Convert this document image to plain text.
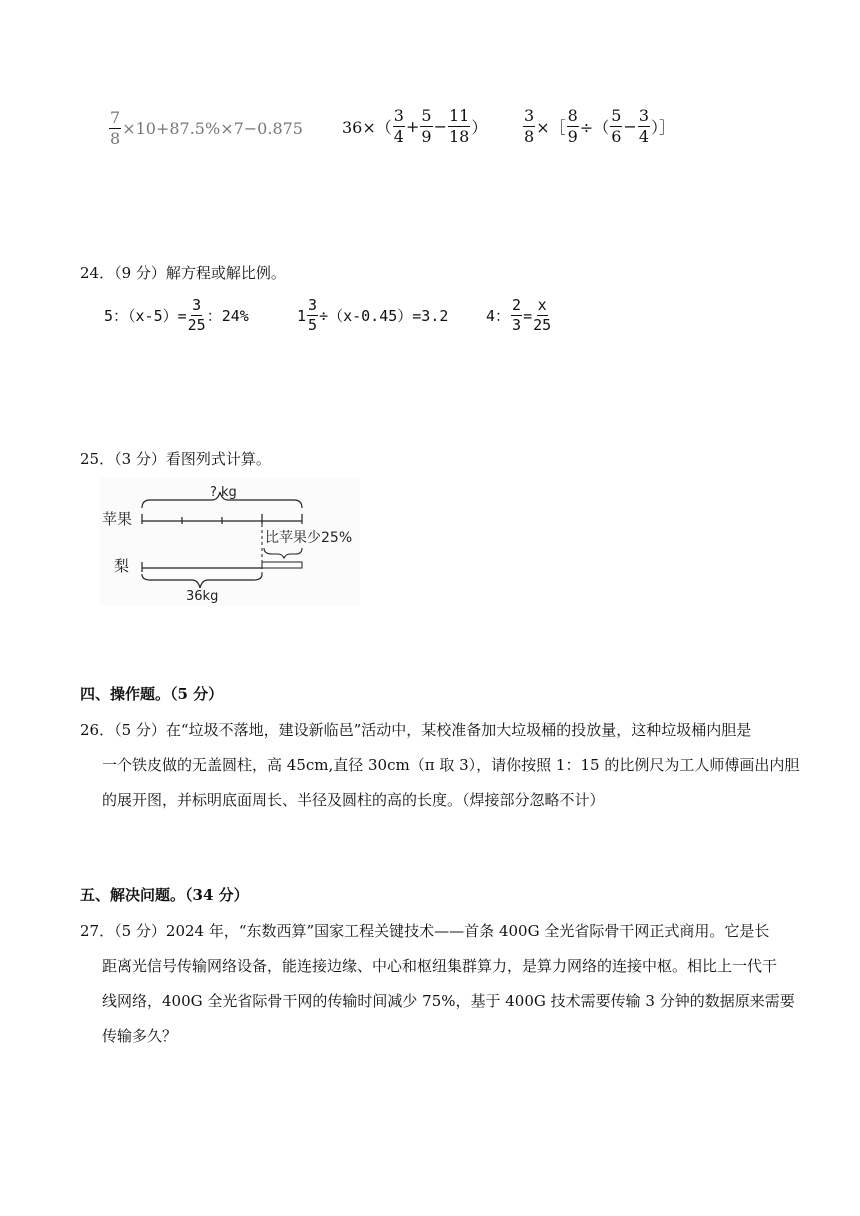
$\frac{7}{8} \times 10+87.5\%\times 7-0.875$ $36\times( \frac{3}{4} + \frac{5}{9} - \frac{11}{18}$ ） $\frac{3}{8}$ ×［ $\frac{8}{9}$ ÷（ $\frac{5}{6} - \frac{3}{4}$ ）］
24．（9 分）解方程或解比例。
5：$(x-5)= \frac{3}{25}$ ：24%	$1 \frac{3}{5} \div(x-0.45)=3.2$	4： $\frac{2}{3} = \frac{x}{25}$
25．（3 分）看图列式计算。
? kg
苹果
比苹果少25%
梨
36kg
四、操作题。（5 分）
26．（5 分）在“垃圾不落地，建设新临邑”活动中，某校准备加大垃圾桶的投放量，这种垃圾桶内胆是
一个铁皮做的无盖圆柱，高 45cm,直径 30cm（π 取 3），请你按照 1：15 的比例尺为工人师傅画出内胆
的展开图，并标明底面周长、半径及圆柱的高的长度。（焊接部分忽略不计）
五、解决问题。（34 分）
27．（5 分）2024 年，“东数西算”国家工程关键技术——首条 400G 全光省际骨干网正式商用。它是长
距离光信号传输网络设备，能连接边缘、中心和枢纽集群算力，是算力网络的连接中枢。相比上一代干
线网络，400G 全光省际骨干网的传输时间减少 75%，基于 400G 技术需要传输 3 分钟的数据原来需要
传输多久？
